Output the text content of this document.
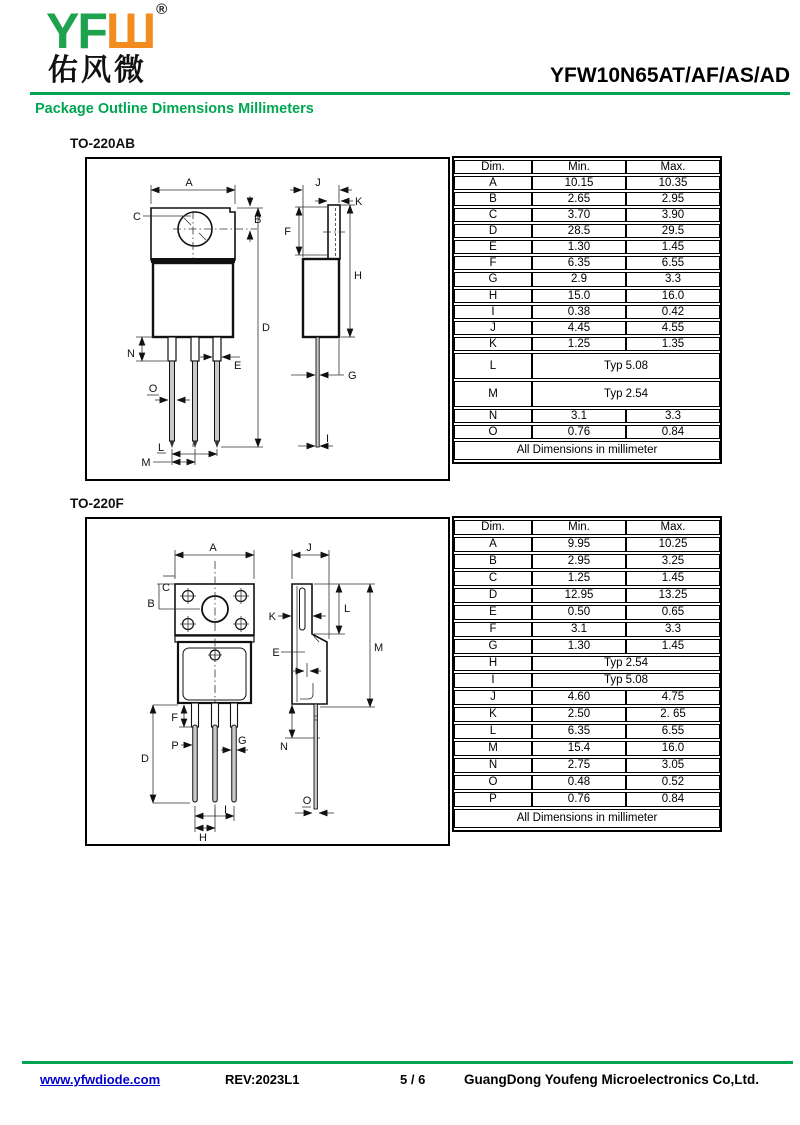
YFШ®
佑风微	YFW10N65AT/AF/AS/AD
Package Outline Dimensions Millimeters
TO-220AB
A
C	B
D
N
E
O
L
M
J
K
F
H
G
I
Dim.	Min.	Max.
A	10.15	10.35
B	2.65	2.95
C	3.70	3.90
D	28.5	29.5
E	1.30	1.45
F	6.35	6.55
G	2.9	3.3
H	15.0	16.0
I	0.38	0.42
J	4.45	4.55
K	1.25	1.35
L	Typ 5.08	
M	Typ 2.54	
N	3.1	3.3
O	0.76	0.84
All Dimensions in millimeter		
TO-220F
A
C
B
F
P	G
D
I
H
J
K
L
E	M
N
O
Dim.	Min.	Max.
A	9.95	10.25
B	2.95	3.25
C	1.25	1.45
D	12.95	13.25
E	0.50	0.65
F	3.1	3.3
G	1.30	1.45
H	Typ 2.54	
I	Typ 5.08	
J	4.60	4.75
K	2.50	2. 65
L	6.35	6.55
M	15.4	16.0
N	2.75	3.05
O	0.48	0.52
P	0.76	0.84
All Dimensions in millimeter		
www.yfwdiode.com	REV:2023L1	5 / 6	GuangDong Youfeng Microelectronics Co,Ltd.
